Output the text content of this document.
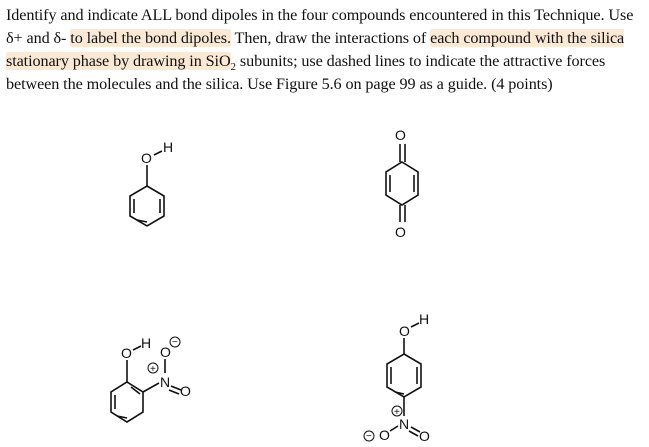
Identify and indicate ALL bond dipoles in the four compounds encountered in this Technique. Use
δ+ and δ- to label the bond dipoles. Then, draw the interactions of each compound with the silica
stationary phase by drawing in SiO$_2$ subunits; use dashed lines to indicate the attractive forces
between the molecules and the silica. Use Figure 5.6 on page 99 as a guide. (4 points)
O
H
O
O
O
H
N
+
O
−
O
O
H
+
N
O
−	O
